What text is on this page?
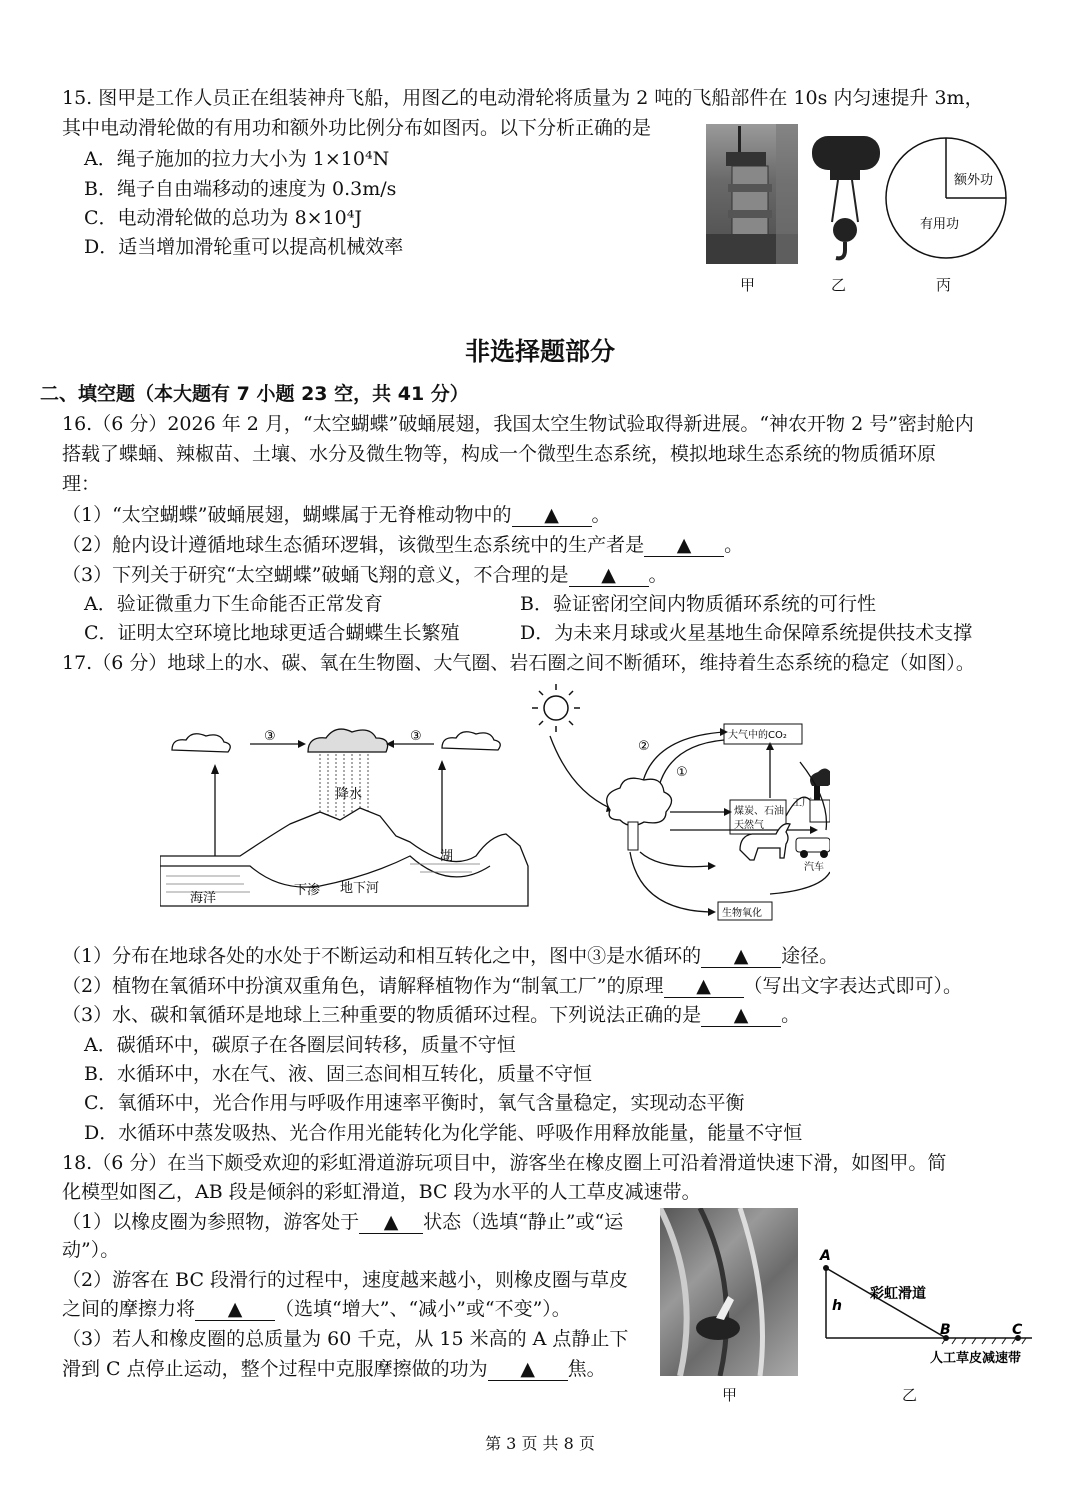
15. 图甲是工作人员正在组装神舟飞船，用图乙的电动滑轮将质量为 2 吨的飞船部件在 10s 内匀速提升 3m，
其中电动滑轮做的有用功和额外功比例分布如图丙。以下分析正确的是
A．绳子施加的拉力大小为 1×10⁴N
B．绳子自由端移动的速度为 0.3m/s
C．电动滑轮做的总功为 8×10⁴J
D．适当增加滑轮重可以提高机械效率
额外功
有用功
甲	乙	丙
非选择题部分
二、填空题（本大题有 7 小题 23 空，共 41 分）
16.（6 分）2026 年 2 月，“太空蝴蝶”破蛹展翅，我国太空生物试验取得新进展。“神农开物 2 号”密封舱内
搭载了蝶蛹、辣椒苗、土壤、水分及微生物等，构成一个微型生态系统，模拟地球生态系统的物质循环原
理：
（1）“太空蝴蝶”破蛹展翅，蝴蝶属于无脊椎动物中的 ▲ 。
（2）舱内设计遵循地球生态循环逻辑，该微型生态系统中的生产者是 ▲ 。
（3）下列关于研究“太空蝴蝶”破蛹飞翔的意义，不合理的是 ▲ 。
A．验证微重力下生命能否正常发育	B．验证密闭空间内物质循环系统的可行性
C．证明太空环境比地球更适合蝴蝶生长繁殖	D．为未来月球或火星基地生命保障系统提供技术支撑
17.（6 分）地球上的水、碳、氧在生物圈、大气圈、岩石圈之间不断循环，维持着生态系统的稳定（如图）。
③	③
降水
海洋
下渗 地下河
湖
大气中的CO₂
②
①
煤炭、石油
天然气
工厂
汽车
生物氧化
（1）分布在地球各处的水处于不断运动和相互转化之中，图中③是水循环的 ▲ 途径。
（2）植物在氧循环中扮演双重角色，请解释植物作为“制氧工厂”的原理 ▲ （写出文字表达式即可）。
（3）水、碳和氧循环是地球上三种重要的物质循环过程。下列说法正确的是 ▲ 。
A．碳循环中，碳原子在各圈层间转移，质量不守恒
B．水循环中，水在气、液、固三态间相互转化，质量不守恒
C．氧循环中，光合作用与呼吸作用速率平衡时，氧气含量稳定，实现动态平衡
D．水循环中蒸发吸热、光合作用光能转化为化学能、呼吸作用释放能量，能量不守恒
18.（6 分）在当下颇受欢迎的彩虹滑道游玩项目中，游客坐在橡皮圈上可沿着滑道快速下滑，如图甲。简
化模型如图乙，AB 段是倾斜的彩虹滑道，BC 段为水平的人工草皮减速带。
（1）以橡皮圈为参照物，游客处于 ▲ 状态（选填“静止”或“运
动”）。
（2）游客在 BC 段滑行的过程中，速度越来越小，则橡皮圈与草皮
之间的摩擦力将 ▲ （选填“增大”、“减小”或“不变”）。
（3）若人和橡皮圈的总质量为 60 千克，从 15 米高的 A 点静止下
滑到 C 点停止运动，整个过程中克服摩擦做的功为 ▲ 焦。
A
h
B	C
彩虹滑道
人工草皮减速带
甲	乙
第 3 页 共 8 页
